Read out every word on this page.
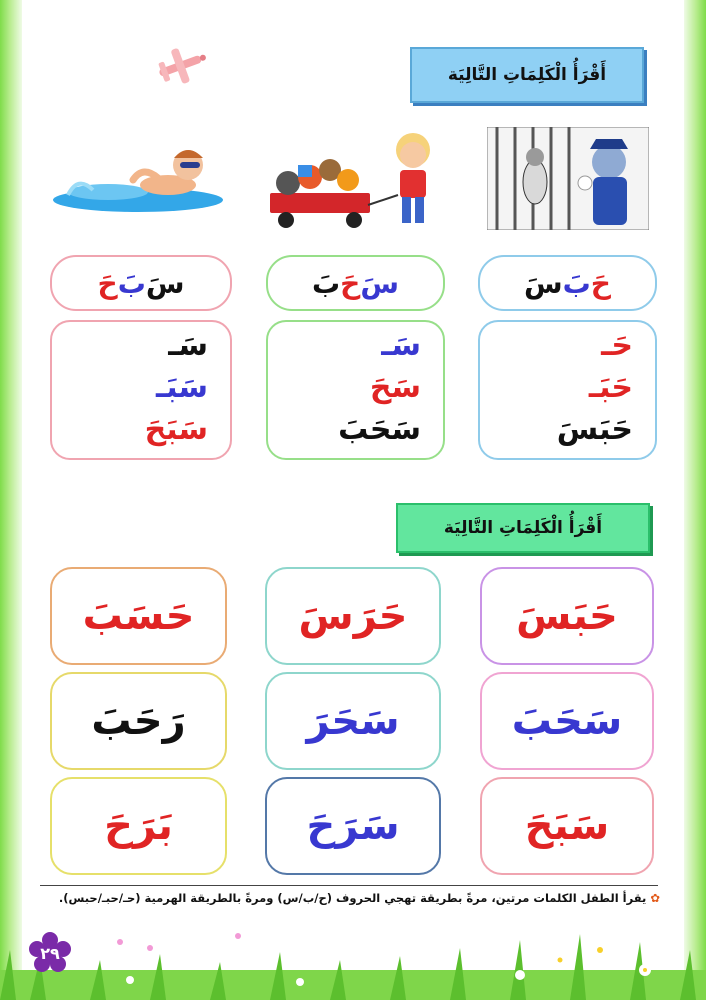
أَقْرَأُ الْكَلِمَاتِ التَّالِيَة
حَ
بَ
سَ
سَ
حَ
بَ
سَ
بَ
حَ
حَـ
حَبَـ
حَبَسَ
سَـ
سَحَ
سَحَبَ
سَـ
سَبَـ
سَبَحَ
أَقْرَأُ الْكَلِمَاتِ التَّالِيَة
حَبَسَ
حَرَسَ
حَسَبَ
سَحَبَ
سَحَرَ
رَحَبَ
سَبَحَ
سَرَحَ
بَرَحَ
✿ يقرأ الطفل الكلمات مرتين، مرةً بطريقة تهجي الحروف (ح/ب/س) ومرةً بالطريقة الهرمية (حـ/حبـ/حبس).
٢٩
